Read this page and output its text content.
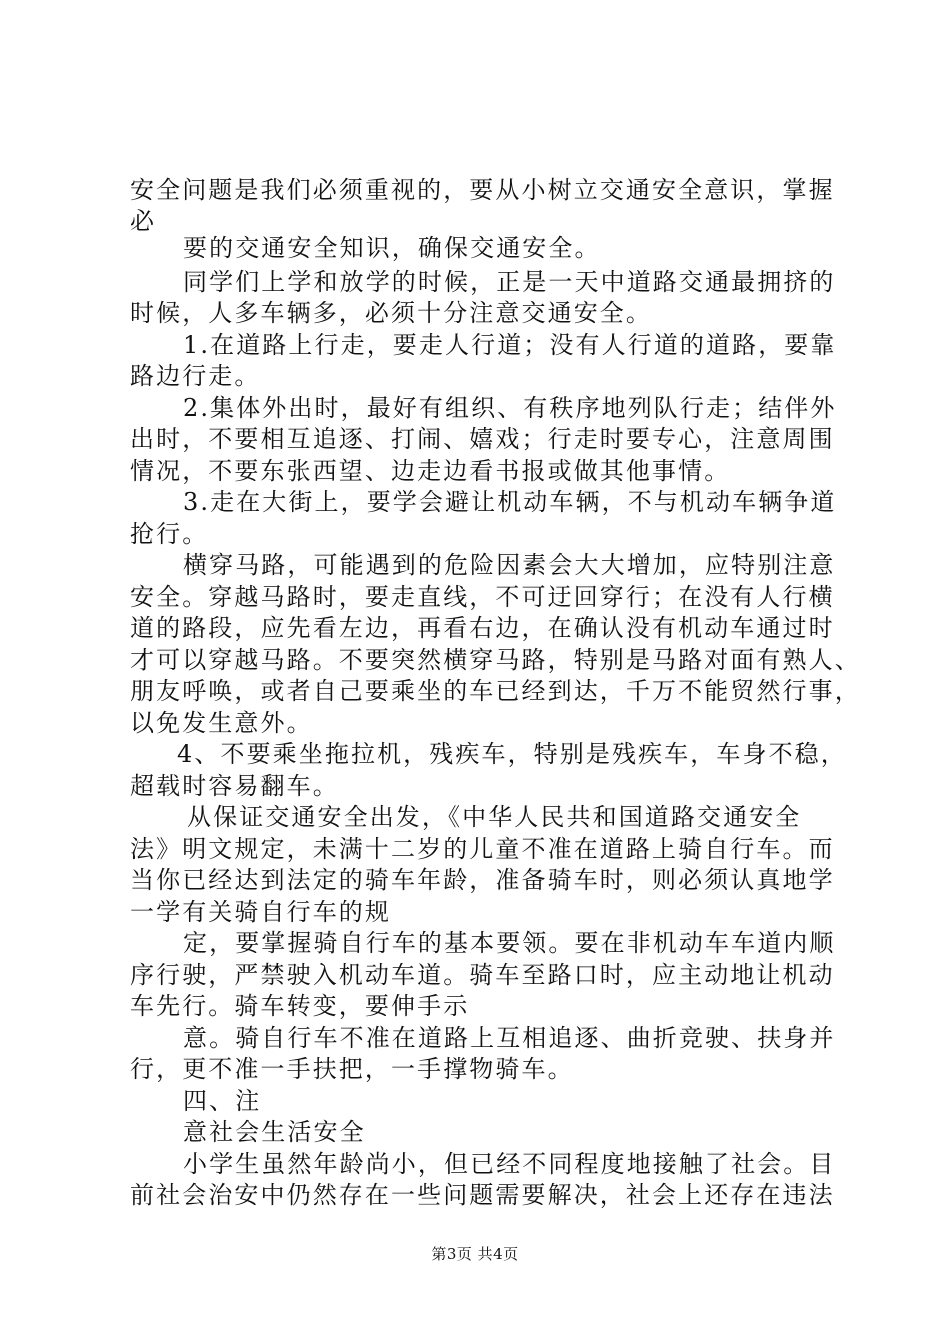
安全问题是我们必须重视的，要从小树立交通安全意识，掌握
必
要的交通安全知识，确保交通安全。
同学们上学和放学的时候，正是一天中道路交通最拥挤的
时候，人多车辆多，必须十分注意交通安全。
1.在道路上行走，要走人行道；没有人行道的道路，要靠
路边行走。
2.集体外出时，最好有组织、有秩序地列队行走；结伴外
出时，不要相互追逐、打闹、嬉戏；行走时要专心，注意周围
情况，不要东张西望、边走边看书报或做其他事情。
3.走在大街上，要学会避让机动车辆，不与机动车辆争道
抢行。
横穿马路，可能遇到的危险因素会大大增加，应特别注意
安全。穿越马路时，要走直线，不可迂回穿行；在没有人行横
道的路段，应先看左边，再看右边，在确认没有机动车通过时
才可以穿越马路。不要突然横穿马路，特别是马路对面有熟人、
朋友呼唤，或者自己要乘坐的车已经到达，千万不能贸然行事，
以免发生意外。
4、不要乘坐拖拉机，残疾车，特别是残疾车，车身不稳，
超载时容易翻车。
从保证交通安全出发，《中华人民共和国道路交通安全
法》明文规定，未满十二岁的儿童不准在道路上骑自行车。而
当你已经达到法定的骑车年龄，准备骑车时，则必须认真地学
一学有关骑自行车的规
定，要掌握骑自行车的基本要领。要在非机动车车道内顺
序行驶，严禁驶入机动车道。骑车至路口时，应主动地让机动
车先行。骑车转变，要伸手示
意。骑自行车不准在道路上互相追逐、曲折竞驶、扶身并
行，更不准一手扶把，一手撑物骑车。
四、注
意社会生活安全
小学生虽然年龄尚小，但已经不同程度地接触了社会。目
前社会治安中仍然存在一些问题需要解决，社会上还存在违法
第3页 共4页
